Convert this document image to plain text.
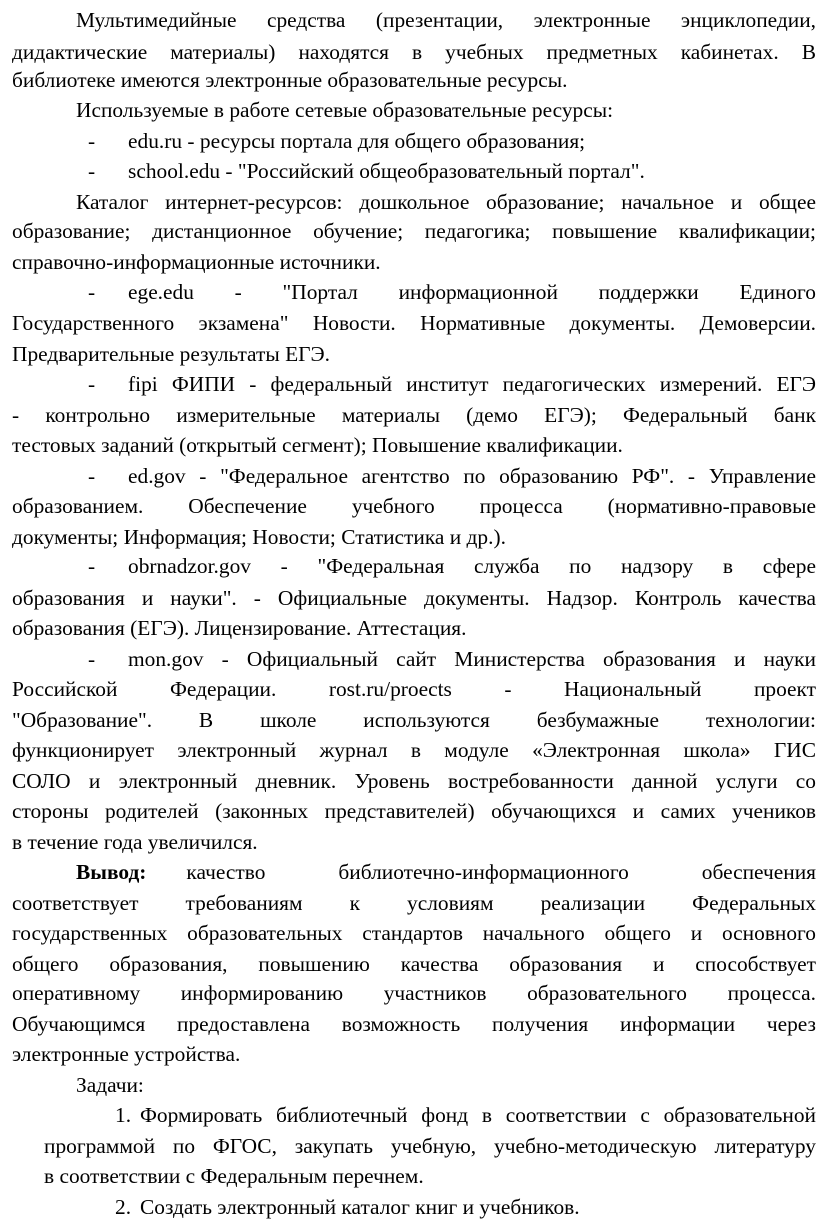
Мультимедийные средства (презентации, электронные энциклопедии,
дидактические материалы) находятся в учебных предметных кабинетах. В
библиотеке имеются электронные образовательные ресурсы.
Используемые в работе сетевые образовательные ресурсы:
- edu.ru - ресурсы портала для общего образования;
- school.edu - "Российский общеобразовательный портал".
Каталог интернет-ресурсов: дошкольное образование; начальное и общее
образование; дистанционное обучение; педагогика; повышение квалификации;
справочно-информационные источники.
- ege.edu - "Портал информационной поддержки Единого
Государственного экзамена" Новости. Нормативные документы. Демоверсии.
Предварительные результаты ЕГЭ.
- fipi ФИПИ - федеральный институт педагогических измерений. ЕГЭ
- контрольно измерительные материалы (демо ЕГЭ); Федеральный банк
тестовых заданий (открытый сегмент); Повышение квалификации.
- ed.gov - "Федеральное агентство по образованию РФ". - Управление
образованием. Обеспечение учебного процесса (нормативно-правовые
документы; Информация; Новости; Статистика и др.).
- obrnadzor.gov - "Федеральная служба по надзору в сфере
образования и науки". - Официальные документы. Надзор. Контроль качества
образования (ЕГЭ). Лицензирование. Аттестация.
- mon.gov - Официальный сайт Министерства образования и науки
Российской Федерации. rost.ru/proects - Национальный проект
"Образование". В школе используются безбумажные технологии:
функционирует электронный журнал в модуле «Электронная школа» ГИС
СОЛО и электронный дневник. Уровень востребованности данной услуги со
стороны родителей (законных представителей) обучающихся и самих учеников
в течение года увеличился.
Вывод: качество библиотечно-информационного обеспечения
соответствует требованиям к условиям реализации Федеральных
государственных образовательных стандартов начального общего и основного
общего образования, повышению качества образования и способствует
оперативному информированию участников образовательного процесса.
Обучающимся предоставлена возможность получения информации через
электронные устройства.
Задачи:
1. Формировать библиотечный фонд в соответствии с образовательной
программой по ФГОС, закупать учебную, учебно-методическую литературу
в соответствии с Федеральным перечнем.
2. Создать электронный каталог книг и учебников.
